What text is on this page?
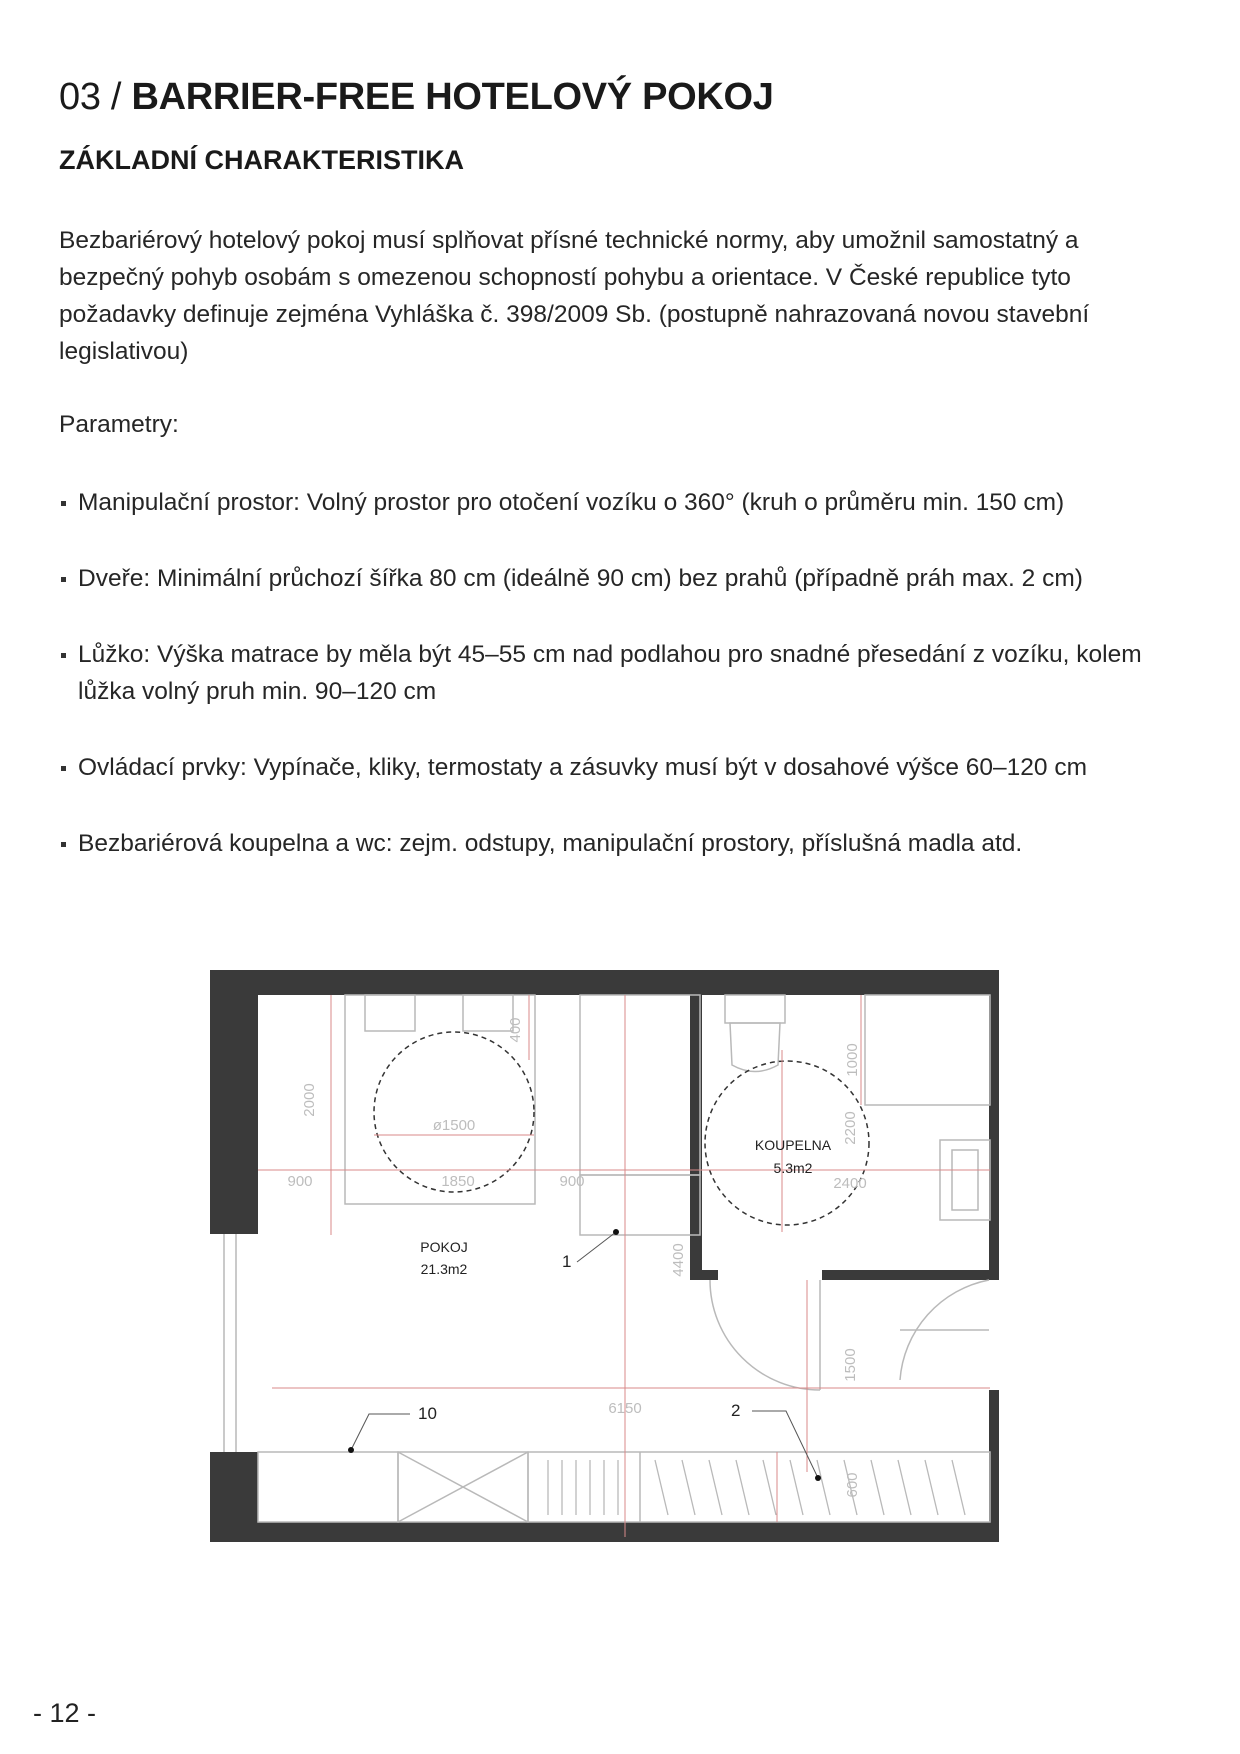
03 / BARRIER-FREE HOTELOVÝ POKOJ
ZÁKLADNÍ CHARAKTERISTIKA

Bezbariérový hotelový pokoj musí splňovat přísné technické normy, aby umožnil samostatný a bezpečný pohyb osobám s omezenou schopností pohybu a orientace. V České republice tyto požadavky definuje zejména Vyhláška č. 398/2009 Sb. (postupně nahrazovaná novou stavební legislativou)

Parametry:

Manipulační prostor: Volný prostor pro otočení vozíku o 360° (kruh o průměru min. 150 cm)
Dveře: Minimální průchozí šířka 80 cm (ideálně 90 cm) bez prahů (případně práh max. 2 cm)
Lůžko: Výška matrace by měla být 45–55 cm nad podlahou pro snadné přesedání z vozíku, kolem lůžka volný pruh min. 90–120 cm
Ovládací prvky: Vypínače, kliky, termostaty a zásuvky musí být v dosahové výšce 60–120 cm
Bezbariérová koupelna a wc: zejm. odstupy, manipulační prostory, příslušná madla atd.
2000
400
ø1500
900	1850	900
1000
2200
2400
4400
1500
6150
600
POKOJ
21.3m2
KOUPELNA
5.3m2
1
2
10

- 12 -
